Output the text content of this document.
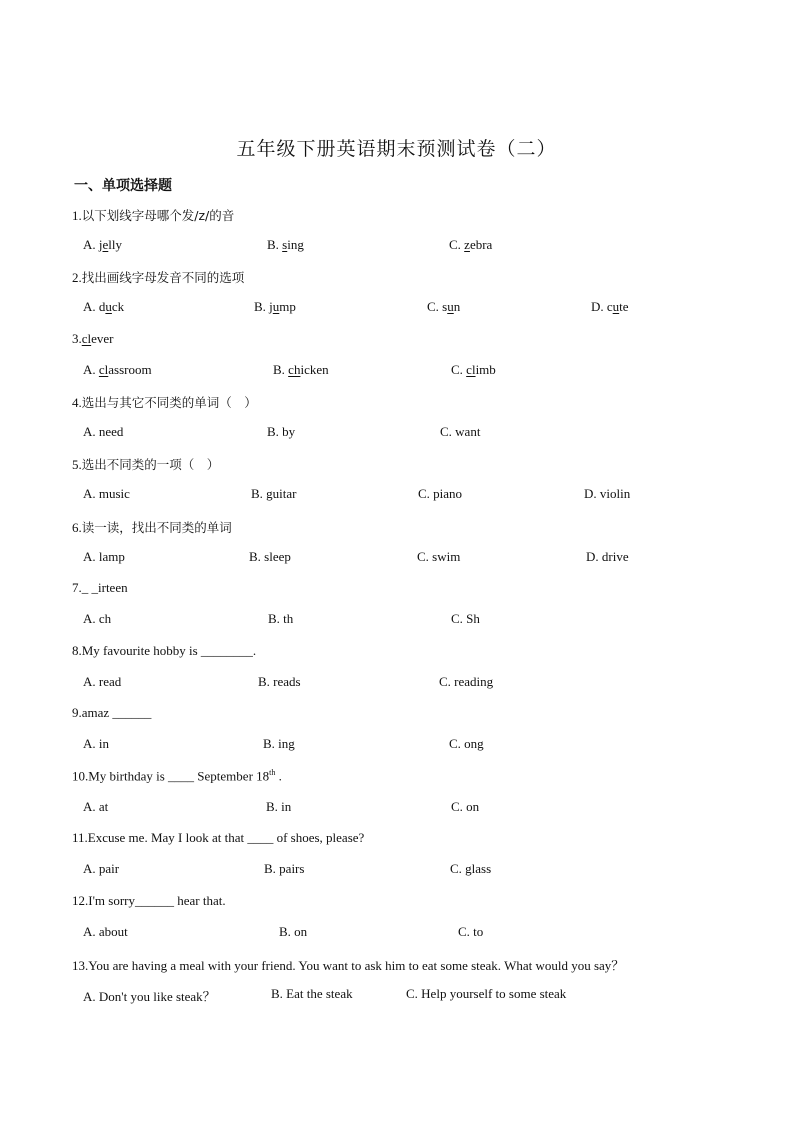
五年级下册英语期末预测试卷（二）
一、单项选择题
1.以下划线字母哪个发/z/的音
A. jelly	B. sing	C. zebra
2.找出画线字母发音不同的选项
A. duck	B. jump	C. sun	D. cute
3.clever
A. classroom	B. chicken	C. climb
4.选出与其它不同类的单词（　）
A. need	B. by	C. want
5.选出不同类的一项（　）
A. music	B. guitar	C. piano	D. violin
6.读一读，找出不同类的单词
A. lamp	B. sleep	C. swim	D. drive
7._ _irteen
A. ch	B. th	C. Sh
8.My favourite hobby is ________.
A. read	B. reads	C. reading
9.amaz ______
A. in	B. ing	C. ong
10.My birthday is ____ September 18th .
A. at	B. in	C. on
11.Excuse me. May I look at that ____ of shoes, please?
A. pair	B. pairs	C. glass
12.I'm sorry______ hear that.
A. about	B. on	C. to
13.You are having a meal with your friend. You want to ask him to eat some steak. What would you say？
A. Don't you like steak？	B. Eat the steak	C. Help yourself to some steak
